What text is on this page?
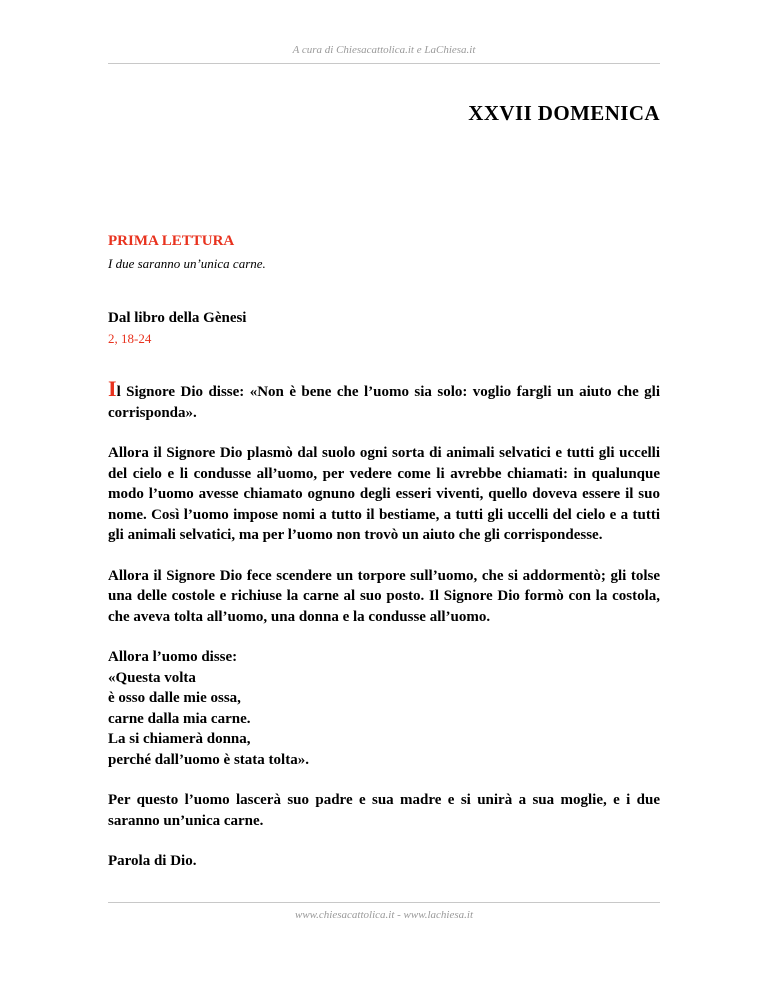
A cura di Chiesacattolica.it e LaChiesa.it
XXVII DOMENICA
PRIMA LETTURA
I due saranno un’unica carne.
Dal libro della Gènesi
2, 18-24

Il Signore Dio disse: «Non è bene che l’uomo sia solo: voglio fargli un aiuto che gli corrisponda».

Allora il Signore Dio plasmò dal suolo ogni sorta di animali selvatici e tutti gli uccelli del cielo e li condusse all’uomo, per vedere come li avrebbe chiamati: in qualunque modo l’uomo avesse chiamato ognuno degli esseri viventi, quello doveva essere il suo nome. Così l’uomo impose nomi a tutto il bestiame, a tutti gli uccelli del cielo e a tutti gli animali selvatici, ma per l’uomo non trovò un aiuto che gli corrispondesse.

Allora il Signore Dio fece scendere un torpore sull’uomo, che si addormentò; gli tolse una delle costole e richiuse la carne al suo posto. Il Signore Dio formò con la costola, che aveva tolta all’uomo, una donna e la condusse all’uomo.

Allora l’uomo disse:
«Questa volta
è osso dalle mie ossa,
carne dalla mia carne.
La si chiamerà donna,
perché dall’uomo è stata tolta».

Per questo l’uomo lascerà suo padre e sua madre e si unirà a sua moglie, e i due saranno un’unica carne.

Parola di Dio.

www.chiesacattolica.it - www.lachiesa.it
